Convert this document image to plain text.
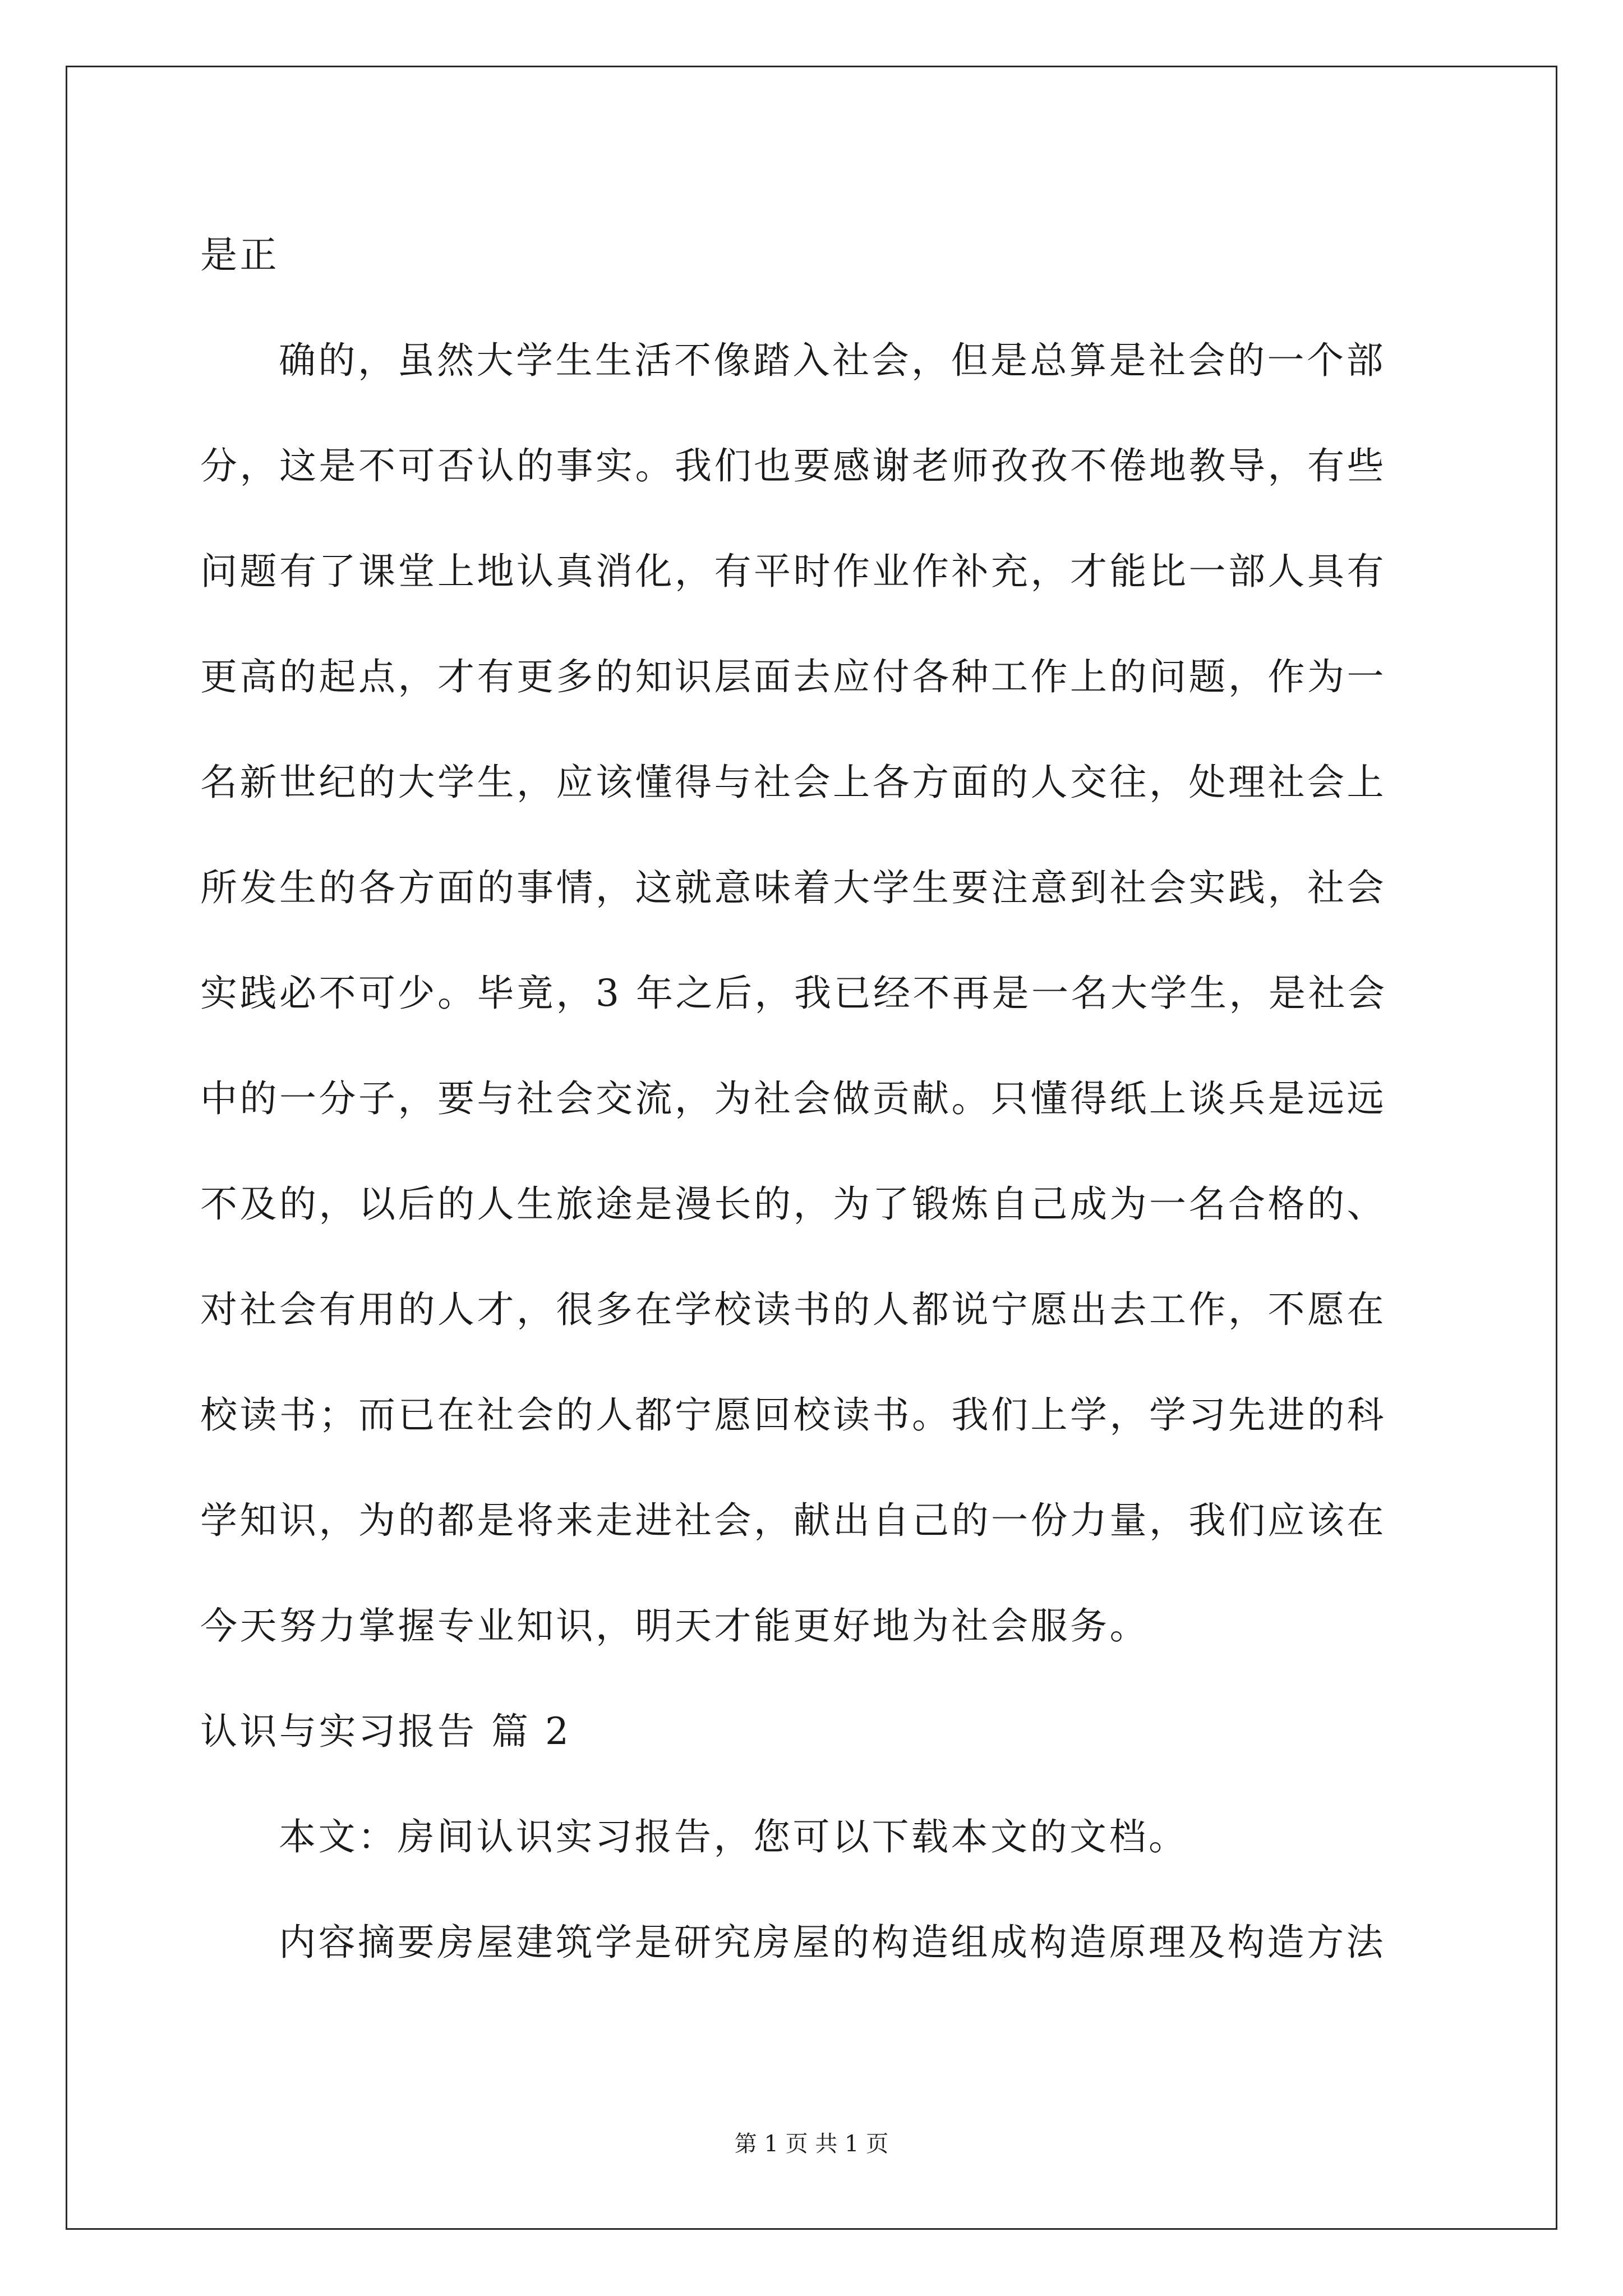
是正
确的，虽然大学生生活不像踏入社会，但是总算是社会的一个部
分，这是不可否认的事实。我们也要感谢老师孜孜不倦地教导，有些
问题有了课堂上地认真消化，有平时作业作补充，才能比一部人具有
更高的起点，才有更多的知识层面去应付各种工作上的问题，作为一
名新世纪的大学生，应该懂得与社会上各方面的人交往，处理社会上
所发生的各方面的事情，这就意味着大学生要注意到社会实践，社会
实践必不可少。毕竟，3 年之后，我已经不再是一名大学生，是社会
中的一分子，要与社会交流，为社会做贡献。只懂得纸上谈兵是远远
不及的，以后的人生旅途是漫长的，为了锻炼自己成为一名合格的、
对社会有用的人才，很多在学校读书的人都说宁愿出去工作，不愿在
校读书；而已在社会的人都宁愿回校读书。我们上学，学习先进的科
学知识，为的都是将来走进社会，献出自己的一份力量，我们应该在
今天努力掌握专业知识，明天才能更好地为社会服务。
认识与实习报告 篇 2
本文：房间认识实习报告，您可以下载本文的文档。
内容摘要房屋建筑学是研究房屋的构造组成构造原理及构造方法
第 1 页 共 1 页
